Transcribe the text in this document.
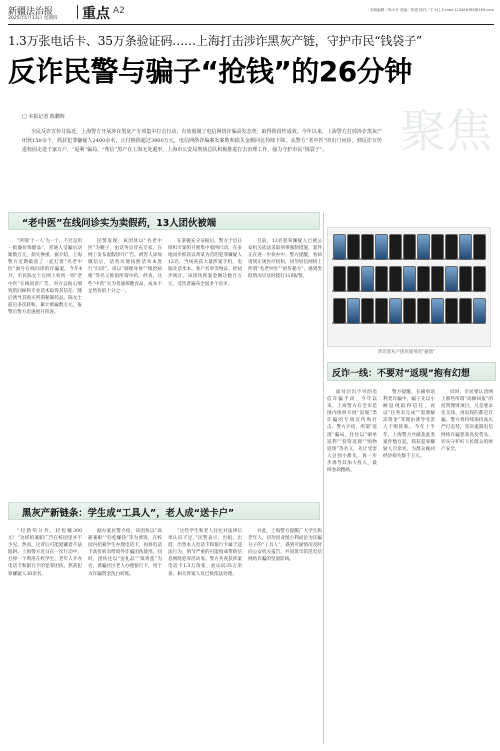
新疆法治报
2025年5月13日 星期四 重点 A2	本版编辑／徐小平 美编／张娟 校对／王小红 E-mail:123456789@163.com
1.3万张电话卡、35万条验证码……上海打击涉诈黑灰产链，守护市民“钱袋子”
反诈民警与骗子“抢钱”的26分钟
聚焦
□ 本报记者 陈鹏辉

全民反诈宣传月临近，上海警方开展涉诈黑灰产专项集中打击行动，有效遏制了电信网络诈骗高发态势，取得阶段性成效。今年以来，上海警方打掉涉诈黑灰产团伙150余个，抓获犯罪嫌疑人2400余名，止付挽损超过3900万元，电信网络诈骗案发案数和损失金额同比持续下降。从警方“老中医”的出门问诊，到反诈宣传进校园走进千家万户，“返利”骗局、“帮信”黑产在上海无处遁形，上海市公安局刑侦总队积极推进打击治理工作，强力守护市民“钱袋子”。

“老中医”在线问诊实为卖假药，13人团伙被端

“所谓‘十一人’为一个，不过是用一批廉价保健品”，普通人受骗后动辄数万元，损失惨重。据介绍，上海警方近期破获了一起打着“名老中医”旗号在线问诊的诈骗案。今年4月，市民陈女士在网上看到一则“老中医”在线问诊广告，对方以贴心细致的问候和专业话术取得其信任，随后诱导其购买所谓秘制药品。陈女士前后多次转账，累计被骗数万元，报警后警方迅速展开侦查。

民警发现，该团伙以“名老中医”为幌子，由话务员冒充专家，在网上发布虚假诊疗广告。被害人添加微信后，话务员便按照话术本进行“问诊”，再以“调理身体”“根治病根”等名义推销所谓中药。经查，这些“中药”实为普通保健食品，成本不足售价的十分之一。

在掌握充分证据后，警方于近日组织专案组开展集中收网行动，在多地同步抓获以黄某为首的犯罪嫌疑人13名，当场查获大量涉案手机、电脑及话术本、客户名单等物证。经初步统计，该团伙涉案金额达数百万元，受害者遍布全国多个省市。

目前，13名犯罪嫌疑人已被公安机关依法采取刑事强制措施，案件正在进一步侦办中。警方提醒，看病请到正规医疗机构，切勿轻信网络上所谓“名老中医”“祖传秘方”，遇到类似情况应及时拨打110报警。

涉诈黑灰产团伙使用的“猫池”
反诈一线：不要对“返现”抱有幻想

面对层出不穷的电信诈骗手段，今年以来，上海警方在全市范围内组织开展“返现”类诈骗的专项宣传和打击。警方介绍，所谓“返现”骗局，往往以“刷单返利”“投资返现”“购物返现”等名义，先让受害人尝到小甜头，再一步步诱导其加大投入，最终卷款跑路。

警方提醒，在刷单返利类诈骗中，骗子先以小额返现取得信任，再以“任务未完成”“需要解冻资金”等理由诱导受害人不断转账。今年上半年，上海警方共破获此类案件数百起，抓获犯罪嫌疑人百余名，为群众挽回经济损失数千万元。

同时，市民要认清网上那些所谓“高额回报”的投资理财项目，凡是要求先交钱、再返现的都是诈骗。警方将持续保持高压严打态势，坚决遏制电信网络诈骗犯罪高发势头，切实守护好人民群众的财产安全。

黑灰产新链条：学生成“工具人”，老人成“送卡户”

“拉新奖分券，轻松赚300元！”这样的兼职广告在校园里并不少见。然而，这背后可能暗藏着不法陷阱。上海警方近日在一次行动中，打掉一个利用在校学生、老年人开办电话卡和银行卡的犯罪团伙，抓获犯罪嫌疑人30余名。

据办案民警介绍，该团伙以“高薪兼职”“轻松赚钱”等为诱饵，在校园内招募学生办理电话卡，再将电话卡高价转卖给境外诈骗团伙使用。同时，团伙还以“送礼品”“领鸡蛋”为名，诱骗社区老人办理银行卡，用于为诈骗资金洗白转账。

“这些学生和老人往往对法律后果认识不足。”民警表示，出租、出借、出售本人电话卡和银行卡属于违法行为，情节严重的可能构成帮助信息网络犯罪活动罪。警方共查获涉案电话卡1.3万余张、验证码35万余条，相关涉案人员已被依法处理。

对此，上海警方提醒广大学生和老年人，切勿因贪图小利而沦为诈骗分子的“工具人”，遇到可疑情况及时向公安机关报告，共同筑牢防范电信网络诈骗的坚固防线。
